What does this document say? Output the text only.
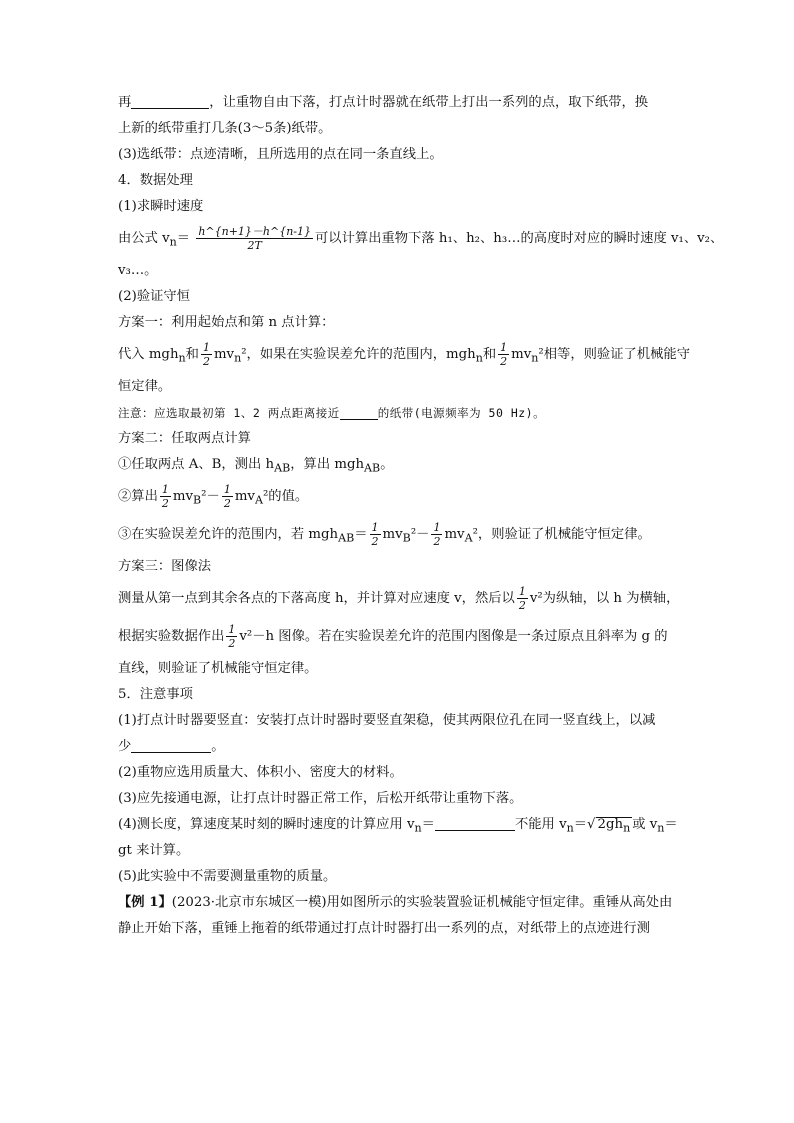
再	，让重物自由下落，打点计时器就在纸带上打出一系列的点，取下纸带，换
上新的纸带重打几条(3～5条)纸带。
(3)选纸带：点迹清晰，且所选用的点在同一条直线上。
4．数据处理
(1)求瞬时速度
由公式 $v_n= \frac{h\^{}\{n+1\}-h\^{}\{n-1\}}{2T}$ 可以计算出重物下落 h₁、h₂、h₃…的高度时对应的瞬时速度 v₁、v₂、
v₃…。
(2)验证守恒
方案一：利用起始点和第 n 点计算：
代入 mgh$_n$和 $\frac{1}{2} mv_n^2$，如果在实验误差允许的范围内，mgh$_n$和 $\frac{1}{2} mv_n^2$相等，则验证了机械能守
恒定律。
注意：应选取最初第 1、2 两点距离接近	的纸带(电源频率为 50 Hz)。
方案二：任取两点计算
①任取两点 A、B，测出 $h_{AB}$，算出 mgh$_{AB}$。
②算出 $\frac{1}{2} mv_B^2- \frac{1}{2} mv_A^2$的值。
③在实验误差允许的范围内，若 $mgh_{AB}= \frac{1}{2} mv_B^2- \frac{1}{2} mv_A^2$，则验证了机械能守恒定律。
方案三：图像法
测量从第一点到其余各点的下落高度 h，并计算对应速度 v，然后以 $\frac{1}{2} v^2$为纵轴，以 h 为横轴，
根据实验数据作出 $\frac{1}{2} v^2-h$ 图像。若在实验误差允许的范围内图像是一条过原点且斜率为 g 的
直线，则验证了机械能守恒定律。
5．注意事项
(1)打点计时器要竖直：安装打点计时器时要竖直架稳，使其两限位孔在同一竖直线上，以减
少	。
(2)重物应选用质量大、体积小、密度大的材料。
(3)应先接通电源，让打点计时器正常工作，后松开纸带让重物下落。
(4)测长度，算速度某时刻的瞬时速度的计算应用 $v_n=$	不能用 $v_n=√$ $2gh_n$ 或 $v_n=$
gt 来计算。
(5)此实验中不需要测量重物的质量。
【例 1】(2023·北京市东城区一模)用如图所示的实验装置验证机械能守恒定律。重锤从高处由
静止开始下落，重锤上拖着的纸带通过打点计时器打出一系列的点，对纸带上的点迹进行测
